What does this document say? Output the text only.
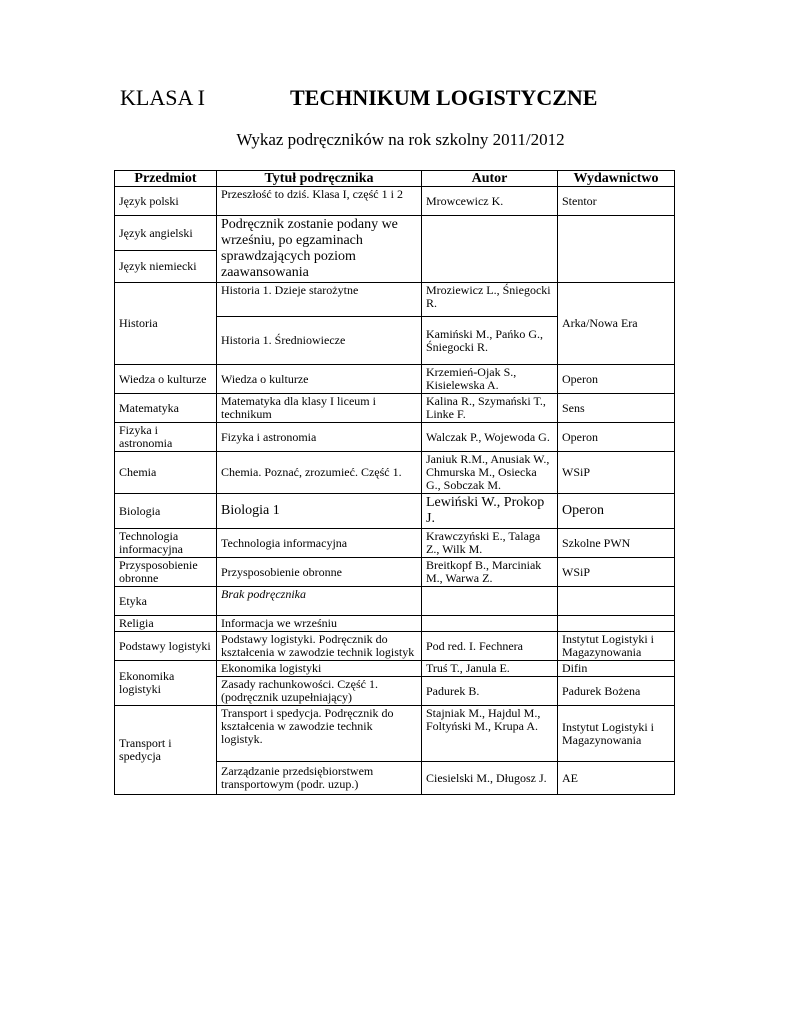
KLASA I	TECHNIKUM LOGISTYCZNE
Wykaz podręczników na rok szkolny 2011/2012
Przedmiot	Tytuł podręcznika	Autor	Wydawnictwo
Język polski	Przeszłość to dziś. Klasa I, część 1 i 2	Mrowcewicz K.	Stentor
Język angielski	Podręcznik zostanie podany we wrześniu, po egzaminach sprawdzających poziom zaawansowania		
Język niemiecki			
Historia	Historia 1. Dzieje starożytne	Mroziewicz L., Śniegocki R.	Arka/Nowa Era
	Historia 1. Średniowiecze	Kamiński M., Pańko G., Śniegocki R.	
Wiedza o kulturze	Wiedza o kulturze	Krzemień-Ojak S., Kisielewska A.	Operon
Matematyka	Matematyka dla klasy I liceum i technikum	Kalina R., Szymański T., Linke F.	Sens
Fizyka i astronomia	Fizyka i astronomia	Walczak P., Wojewoda G.	Operon
Chemia	Chemia. Poznać, zrozumieć. Część 1.	Janiuk R.M., Anusiak W., Chmurska M., Osiecka G., Sobczak M.	WSiP
Biologia	Biologia 1	Lewiński W., Prokop J.	Operon
Technologia informacyjna	Technologia informacyjna	Krawczyński E., Talaga Z., Wilk M.	Szkolne PWN
Przysposobienie obronne	Przysposobienie obronne	Breitkopf B., Marciniak M., Warwa Z.	WSiP
Etyka	Brak podręcznika		
Religia	Informacja we wrześniu		
Podstawy logistyki	Podstawy logistyki. Podręcznik do kształcenia w zawodzie technik logistyk	Pod red. I. Fechnera	Instytut Logistyki i Magazynowania
Ekonomika logistyki	Ekonomika logistyki	Truś T., Janula E.	Difin
	Zasady rachunkowości. Część 1.(podręcznik uzupełniający)	Padurek B.	Padurek Bożena
Transport i spedycja	Transport i spedycja. Podręcznik do kształcenia w zawodzie technik logistyk.	Stajniak M., Hajdul M., Foltyński M., Krupa A.	Instytut Logistyki i Magazynowania
	Zarządzanie przedsiębiorstwem transportowym (podr. uzup.)	Ciesielski M., Długosz J.	AE
